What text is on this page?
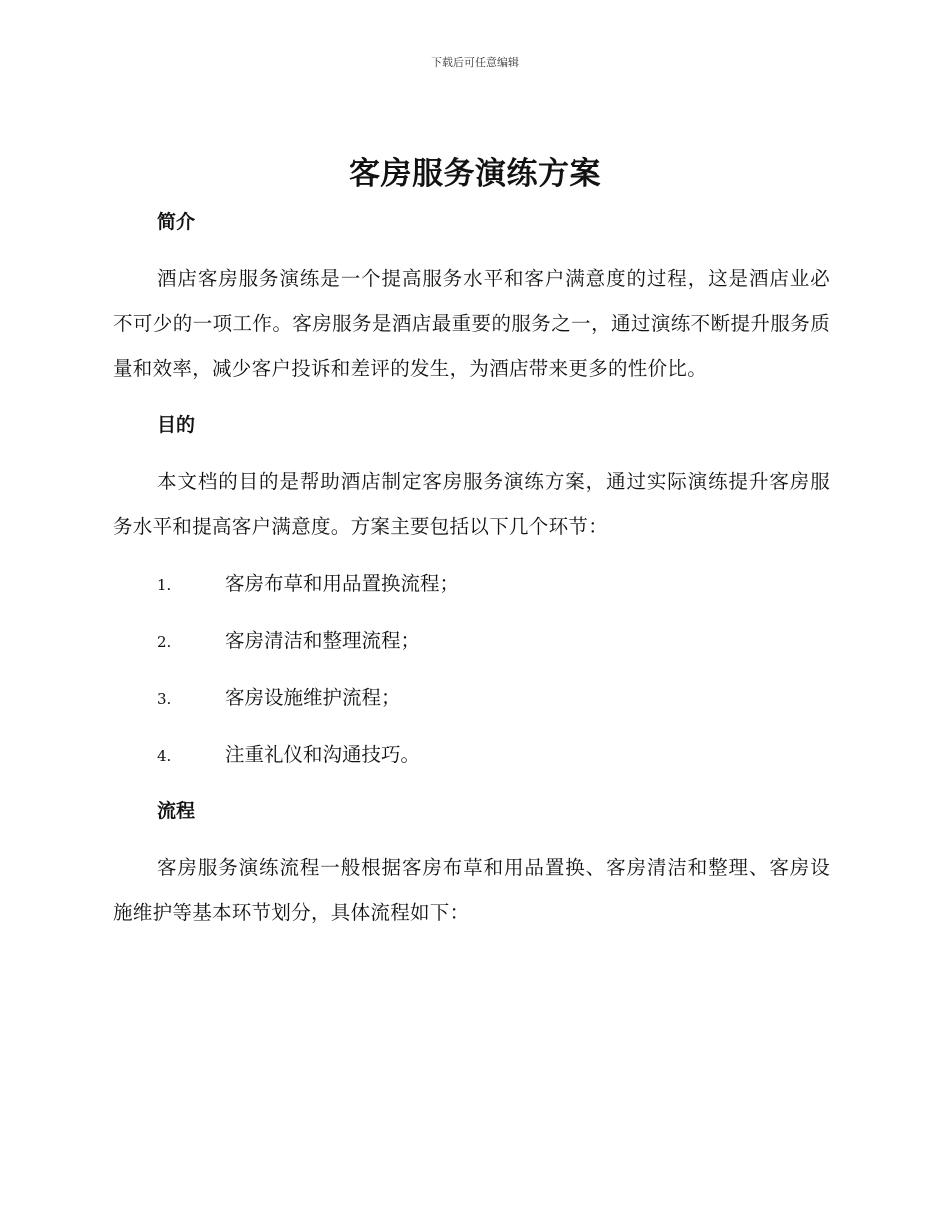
下载后可任意编辑
客房服务演练方案
简介

酒店客房服务演练是一个提高服务水平和客户满意度的过程，这是酒店业必不可少的一项工作。客房服务是酒店最重要的服务之一，通过演练不断提升服务质量和效率，减少客户投诉和差评的发生，为酒店带来更多的性价比。

目的

本文档的目的是帮助酒店制定客房服务演练方案，通过实际演练提升客房服务水平和提高客户满意度。方案主要包括以下几个环节：

1.	客房布草和用品置换流程；
2.	客房清洁和整理流程；
3.	客房设施维护流程；
4.	注重礼仪和沟通技巧。
流程

客房服务演练流程一般根据客房布草和用品置换、客房清洁和整理、客房设施维护等基本环节划分，具体流程如下：
